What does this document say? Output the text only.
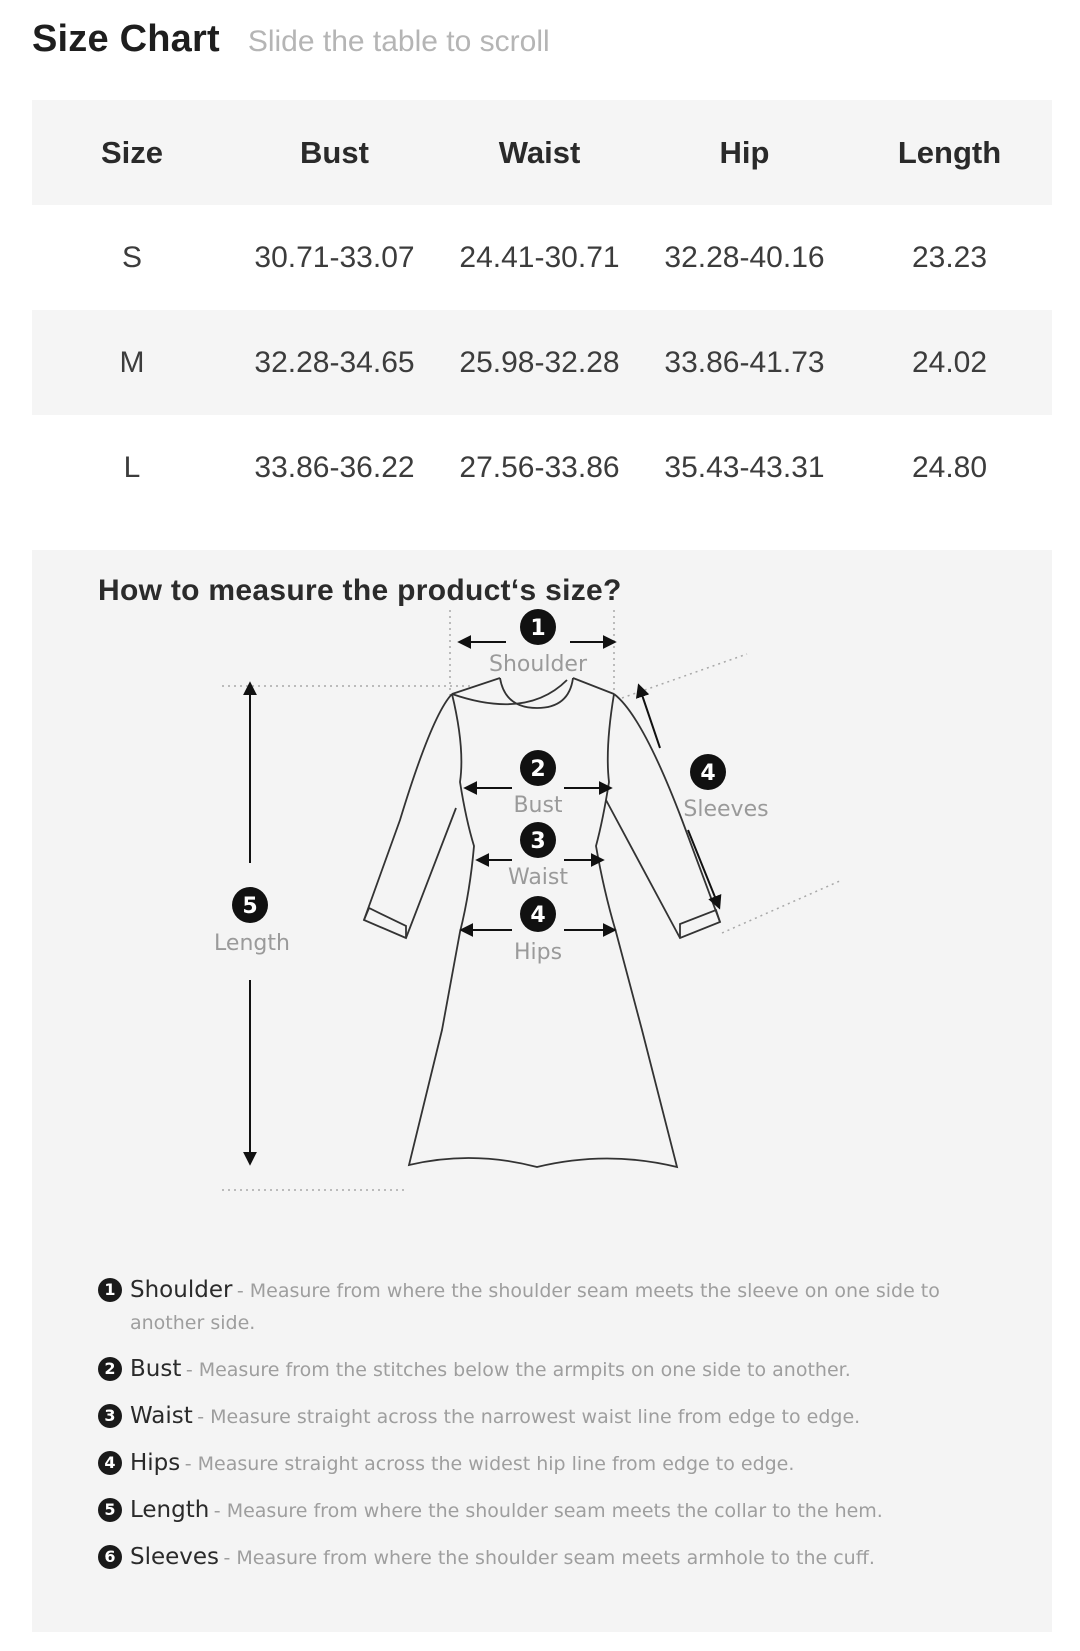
Size Chart Slide the table to scroll
Size	Bust	Waist	Hip	Length
S	30.71-33.07	24.41-30.71	32.28-40.16	23.23
M	32.28-34.65	25.98-32.28	33.86-41.73	24.02
L	33.86-36.22	27.56-33.86	35.43-43.31	24.80
How to measure the product‘s size?
1
2
3
4
4
5
Shoulder
Bust
Waist
Hips
Sleeves
Length
1 Shoulder - Measure from where the shoulder seam meets the sleeve on one side to another side.
2 Bust - Measure from the stitches below the armpits on one side to another.
3 Waist - Measure straight across the narrowest waist line from edge to edge.
4 Hips - Measure straight across the widest hip line from edge to edge.
5 Length - Measure from where the shoulder seam meets the collar to the hem.
6 Sleeves - Measure from where the shoulder seam meets armhole to the cuff.
